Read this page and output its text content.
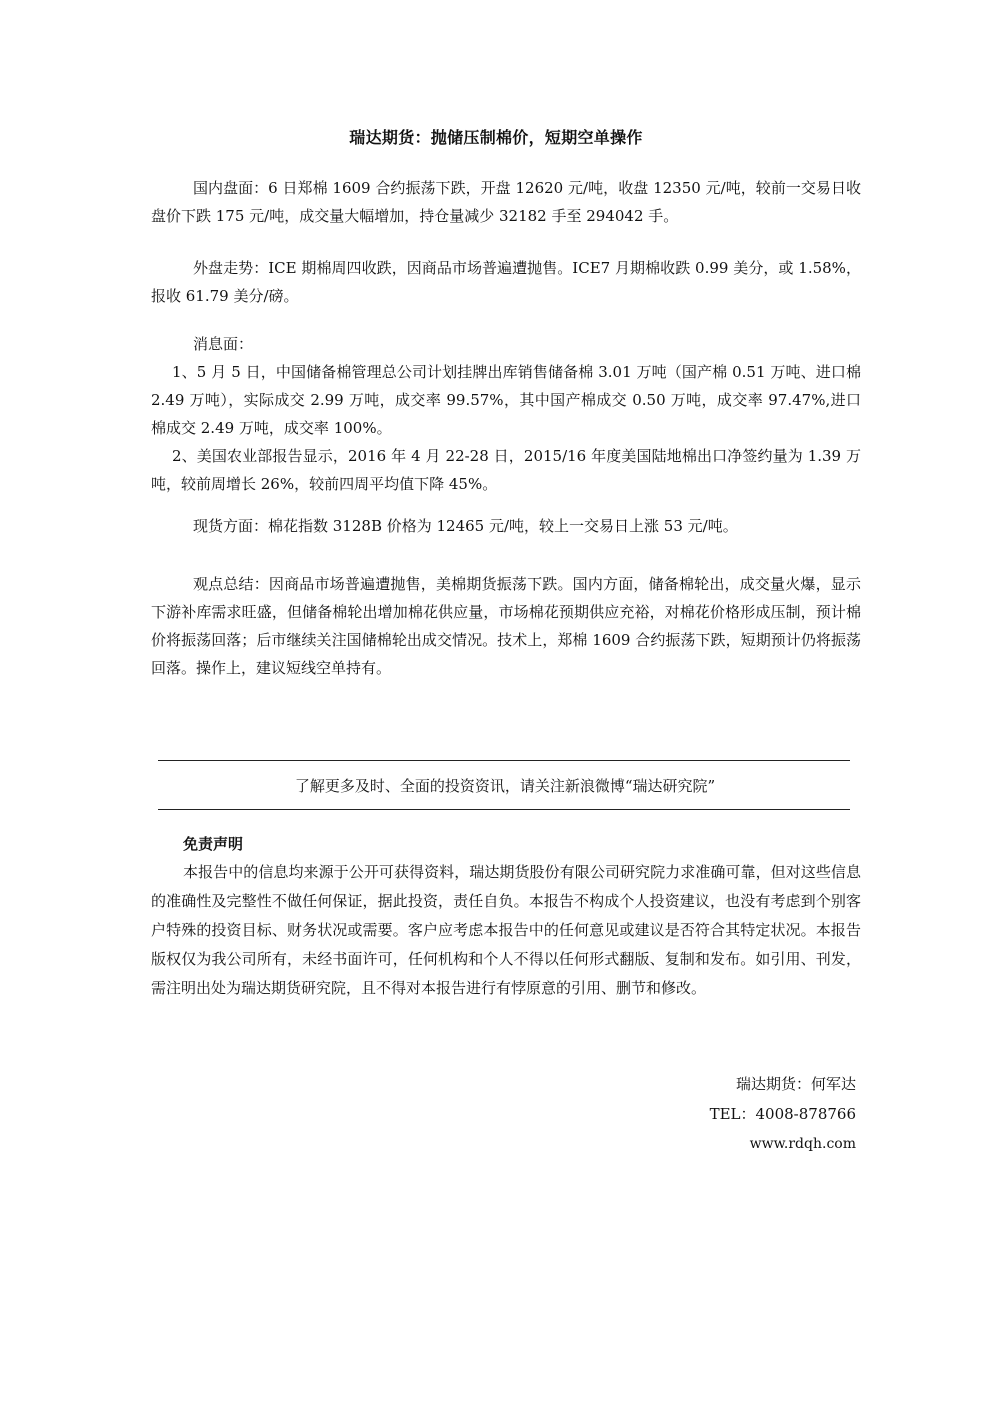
瑞达期货：抛储压制棉价，短期空单操作

国内盘面：6 日郑棉 1609 合约振荡下跌，开盘 12620 元/吨，收盘 12350 元/吨，较前一交易日收盘价下跌 175 元/吨，成交量大幅增加，持仓量减少 32182 手至 294042 手。

外盘走势：ICE 期棉周四收跌，因商品市场普遍遭抛售。ICE7 月期棉收跌 0.99 美分，或 1.58%，报收 61.79 美分/磅。

消息面：

1、5 月 5 日，中国储备棉管理总公司计划挂牌出库销售储备棉 3.01 万吨（国产棉 0.51 万吨、进口棉 2.49 万吨），实际成交 2.99 万吨，成交率 99.57%，其中国产棉成交 0.50 万吨，成交率 97.47%,进口棉成交 2.49 万吨，成交率 100%。

2、美国农业部报告显示，2016 年 4 月 22-28 日，2015/16 年度美国陆地棉出口净签约量为 1.39 万吨，较前周增长 26%，较前四周平均值下降 45%。

现货方面：棉花指数 3128B 价格为 12465 元/吨，较上一交易日上涨 53 元/吨。

观点总结：因商品市场普遍遭抛售，美棉期货振荡下跌。国内方面，储备棉轮出，成交量火爆，显示下游补库需求旺盛，但储备棉轮出增加棉花供应量，市场棉花预期供应充裕，对棉花价格形成压制，预计棉价将振荡回落；后市继续关注国储棉轮出成交情况。技术上，郑棉 1609 合约振荡下跌，短期预计仍将振荡回落。操作上，建议短线空单持有。

了解更多及时、全面的投资资讯，请关注新浪微博“瑞达研究院”
免责声明

本报告中的信息均来源于公开可获得资料，瑞达期货股份有限公司研究院力求准确可靠，但对这些信息的准确性及完整性不做任何保证，据此投资，责任自负。本报告不构成个人投资建议，也没有考虑到个别客户特殊的投资目标、财务状况或需要。客户应考虑本报告中的任何意见或建议是否符合其特定状况。本报告版权仅为我公司所有，未经书面许可，任何机构和个人不得以任何形式翻版、复制和发布。如引用、刊发，需注明出处为瑞达期货研究院，且不得对本报告进行有悖原意的引用、删节和修改。

瑞达期货：何军达
TEL：4008-878766
www.rdqh.com
